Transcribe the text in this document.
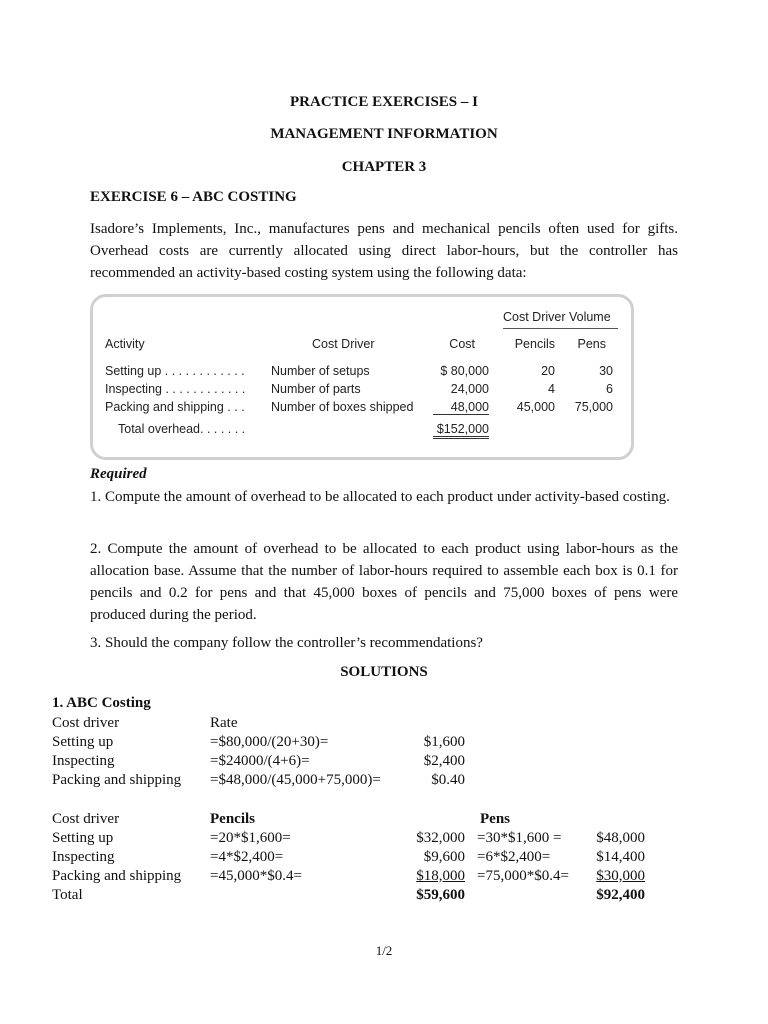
PRACTICE EXERCISES – I
MANAGEMENT INFORMATION
CHAPTER 3
EXERCISE 6 – ABC COSTING
Isadore’s Implements, Inc., manufactures pens and mechanical pencils often used for gifts. Overhead costs are currently allocated using direct labor-hours, but the controller has recommended an activity-based costing system using the following data:
Cost Driver Volume
Activity	Cost Driver	Cost	Pencils	Pens
Setting up . . . . . . . . . . . . Number of setups	$ 80,000	20	30
Inspecting . . . . . . . . . . . . Number of parts	24,000	4	6
Packing and shipping . . . Number of boxes shipped	48,000	45,000	75,000
Total overhead. . . . . . .	$152,000
Required
1. Compute the amount of overhead to be allocated to each product under activity-based costing.
2. Compute the amount of overhead to be allocated to each product using labor-hours as the allocation base. Assume that the number of labor-hours required to assemble each box is 0.1 for pencils and 0.2 for pens and that 45,000 boxes of pencils and 75,000 boxes of pens were produced during the period.
3. Should the company follow the controller’s recommendations?
SOLUTIONS
1. ABC Costing
Cost driver	Rate
Setting up	=$80,000/(20+30)=	$1,600
Inspecting	=$24000/(4+6)=	$2,400
Packing and shipping =$48,000/(45,000+75,000)=	$0.40
Cost driver	Pencils	Pens
Setting up	=20*$1,600=	$32,000 =30*$1,600 =	$48,000
Inspecting	=4*$2,400=	$9,600 =6*$2,400=	$14,400
Packing and shipping =45,000*$0.4=	$18,000 =75,000*$0.4=	$30,000
Total	$59,600	$92,400
1/2
